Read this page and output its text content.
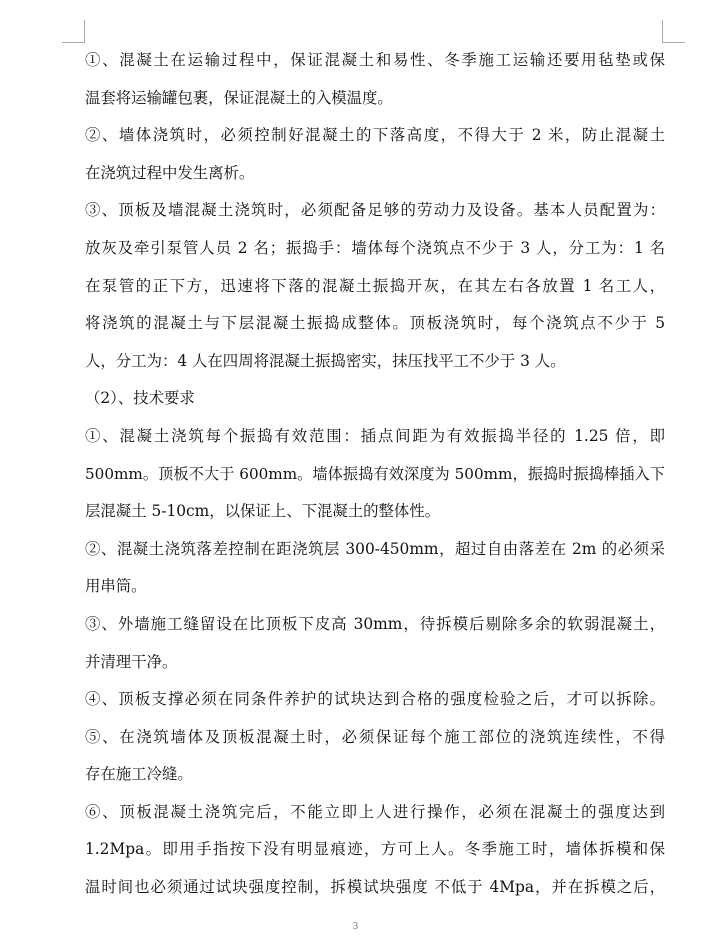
➀、混凝土在运输过程中，保证混凝土和易性、冬季施工运输还要用毡垫或保
温套将运输罐包裹，保证混凝土的入模温度。
②、墙体浇筑时，必须控制好混凝土的下落高度，不得大于 2 米，防止混凝土
在浇筑过程中发生离析。
③、顶板及墙混凝土浇筑时，必须配备足够的劳动力及设备。基本人员配置为：
放灰及牵引泵管人员 2 名；振捣手：墙体每个浇筑点不少于 3 人，分工为：1 名
在泵管的正下方，迅速将下落的混凝土振捣开灰，在其左右各放置 1 名工人，
将浇筑的混凝土与下层混凝土振捣成整体。顶板浇筑时，每个浇筑点不少于 5
人，分工为：4 人在四周将混凝土振捣密实，抹压找平工不少于 3 人。
（2）、技术要求
➀、混凝土浇筑每个振捣有效范围：插点间距为有效振捣半径的 1.25 倍，即
500mm。顶板不大于 600mm。墙体振捣有效深度为 500mm，振捣时振捣棒插入下
层混凝土 5-10cm，以保证上、下混凝土的整体性。
➁、混凝土浇筑落差控制在距浇筑层 300-450mm，超过自由落差在 2m 的必须采
用串筒。
➂、外墙施工缝留设在比顶板下皮高 30mm，待拆模后剔除多余的软弱混凝土，
并清理干净。
➃、顶板支撑必须在同条件养护的试块达到合格的强度检验之后，才可以拆除。
➄、在浇筑墙体及顶板混凝土时，必须保证每个施工部位的浇筑连续性，不得
存在施工冷缝。
➅、顶板混凝土浇筑完后，不能立即上人进行操作，必须在混凝土的强度达到
1.2Mpa。即用手指按下没有明显痕迹，方可上人。冬季施工时，墙体拆模和保
温时间也必须通过试块强度控制，拆模试块强度 不低于 4Mpa，并在拆模之后，
3
